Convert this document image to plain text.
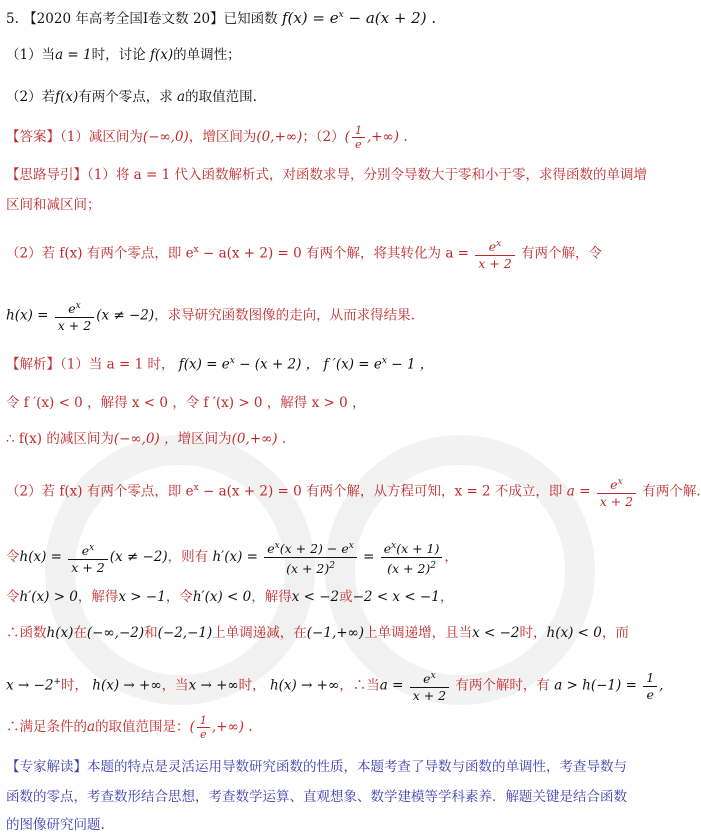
5. 【2020 年高考全国I卷文数 20】已知函数 $f(x) = e^x - a(x + 2)$ .
（1）当a = 1时，讨论 f(x)的单调性；
（2）若f(x)有两个零点，求 a的取值范围.
【答案】（1）减区间为(−∞,0)，增区间为(0,+∞)；$(2)( \frac{1}{e}$ ,+∞) .
【思路导引】（1）将 a = 1 代入函数解析式，对函数求导，分别令导数大于零和小于零，求得函数的单调增
区间和减区间；
（2）若 f(x) 有两个零点，即 $e^x - a(x + 2) = 0$ 有两个解，将其转化为 $a = \frac{e^x}{x + 2}$ 有两个解，令
$h(x) = \frac{e^x}{x + 2} (x \ne -2)$，求导研究函数图像的走向，从而求得结果.
【解析】（1）当 a = 1 时， $f(x) = e^x - (x + 2)$ ， f $'(x) = e^x - 1$ ，
令 f ′(x) < 0 ，解得 x < 0 ，令 f ′(x) > 0 ，解得 x > 0 ，
∴ f(x) 的减区间为(−∞,0) ，增区间为(0,+∞) .
（2）若 f(x) 有两个零点，即 $e^x - a(x + 2) = 0$ 有两个解，从方程可知，x = 2 不成立，即 $a = \frac{e^x}{x + 2}$ 有两个解.
令$h(x) = \frac{e^x}{x + 2} (x \ne -2)$，则有 $h'(x) = \frac{e^x(x + 2) - e^x}{(x + 2)^2} = \frac{e^x(x + 1)}{(x + 2)^2}$ ，
令h′(x) > 0，解得x > −1，令h′(x) < 0，解得x < −2或−2 < x < −1，
∴函数h(x)在(−∞,−2)和(−2,−1)上单调递减，在(−1,+∞)上单调递增，且当x < −2时，h(x) < 0，而
x → −2+时， h(x) → +∞，当x → +∞时， h(x) → +∞，∴当$a = \frac{e^x}{x + 2}$ 有两个解时，有 $a > h(-1) = \frac{1}{e}$ ,
∴满足条件的a的取值范围是：( $\frac{1}{e}$ ,+∞) .
【专家解读】本题的特点是灵活运用导数研究函数的性质，本题考查了导数与函数的单调性，考查导数与
函数的零点，考查数形结合思想，考查数学运算、直观想象、数学建模等学科素养．解题关键是结合函数
的图像研究问题.
